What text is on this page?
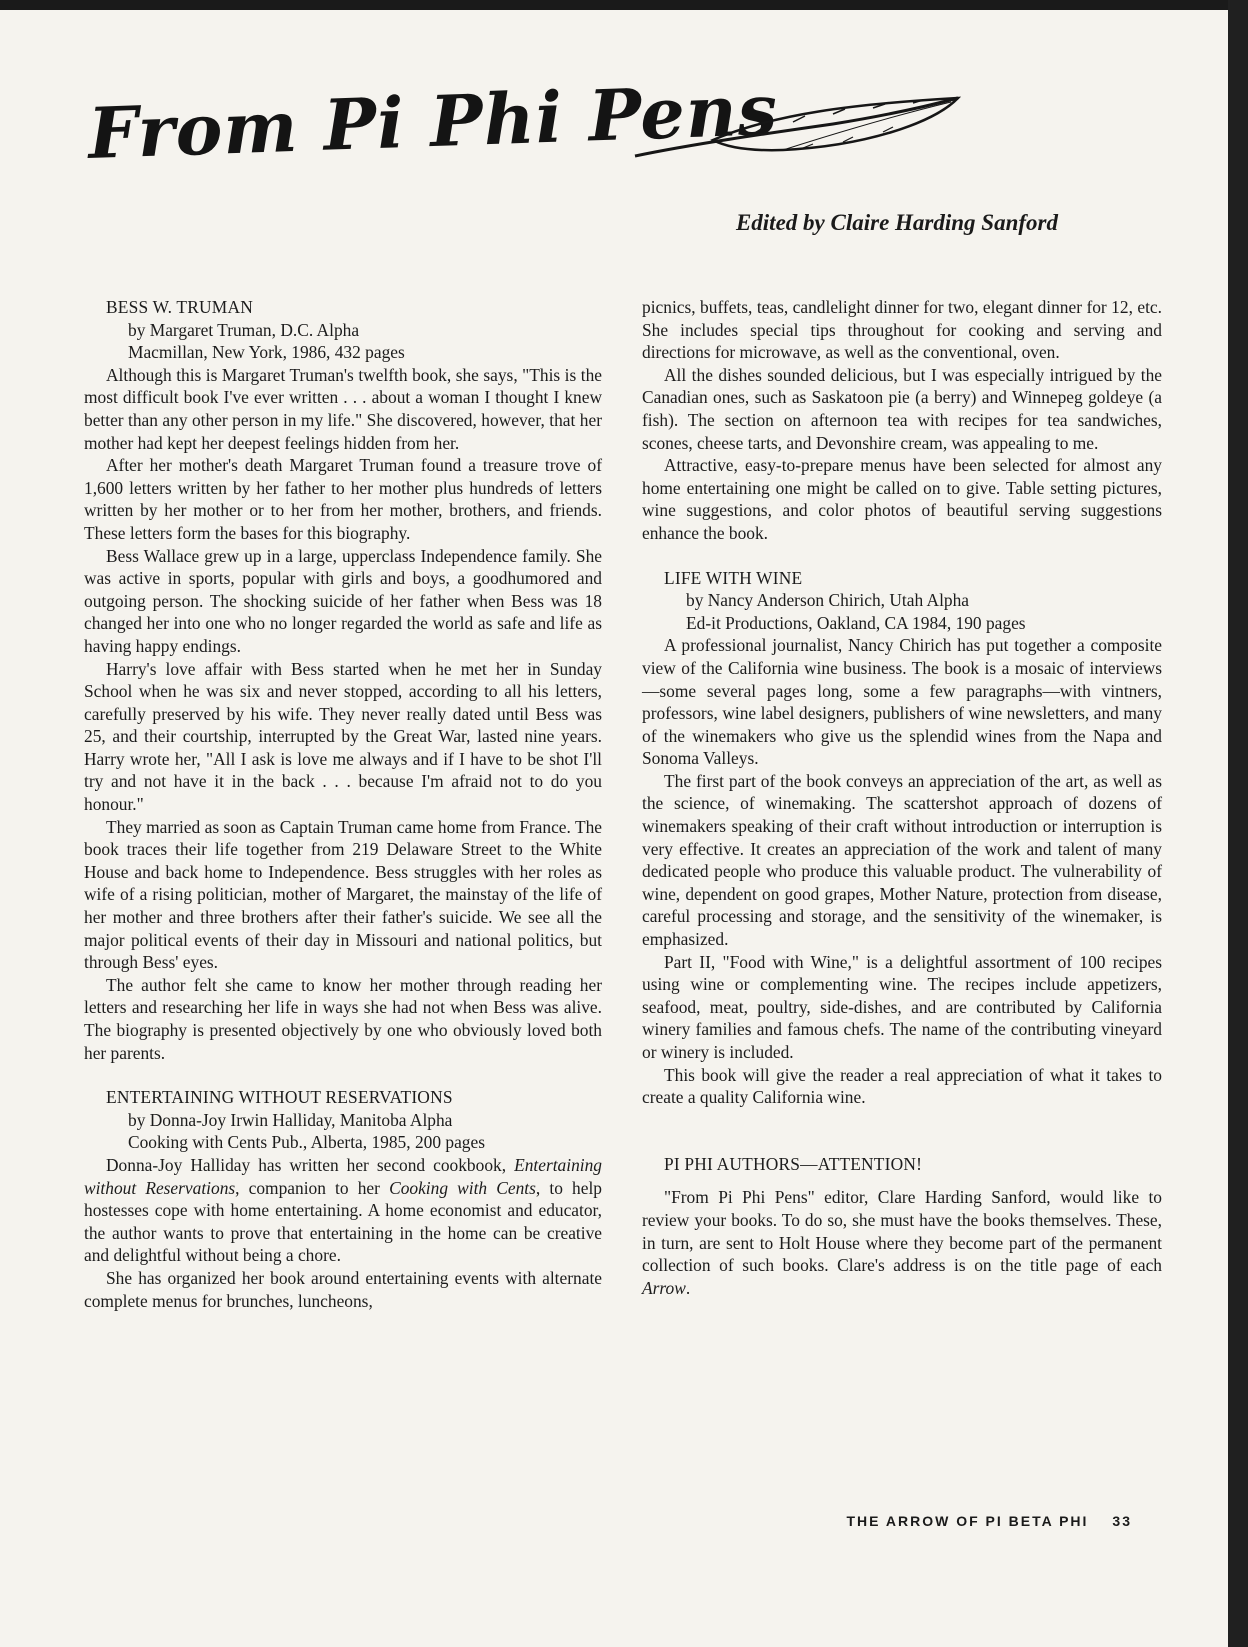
From Pi Phi Pens

Edited by Claire Harding Sanford

BESS W. TRUMAN

by Margaret Truman, D.C. Alpha

Macmillan, New York, 1986, 432 pages

Although this is Margaret Truman's twelfth book, she says, "This is the most difficult book I've ever written . . . about a woman I thought I knew better than any other person in my life." She discovered, however, that her mother had kept her deepest feelings hidden from her.

After her mother's death Margaret Truman found a treasure trove of 1,600 letters written by her father to her mother plus hundreds of letters written by her mother or to her from her mother, brothers, and friends. These letters form the bases for this biography.

Bess Wallace grew up in a large, upperclass Independence family. She was active in sports, popular with girls and boys, a goodhumored and outgoing person. The shocking suicide of her father when Bess was 18 changed her into one who no longer regarded the world as safe and life as having happy endings.

Harry's love affair with Bess started when he met her in Sunday School when he was six and never stopped, according to all his letters, carefully preserved by his wife. They never really dated until Bess was 25, and their courtship, interrupted by the Great War, lasted nine years. Harry wrote her, "All I ask is love me always and if I have to be shot I'll try and not have it in the back . . . because I'm afraid not to do you honour."

They married as soon as Captain Truman came home from France. The book traces their life together from 219 Delaware Street to the White House and back home to Independence. Bess struggles with her roles as wife of a rising politician, mother of Margaret, the mainstay of the life of her mother and three brothers after their father's suicide. We see all the major political events of their day in Missouri and national politics, but through Bess' eyes.

The author felt she came to know her mother through reading her letters and researching her life in ways she had not when Bess was alive. The biography is presented objectively by one who obviously loved both her parents.

ENTERTAINING WITHOUT RESERVATIONS

by Donna-Joy Irwin Halliday, Manitoba Alpha

Cooking with Cents Pub., Alberta, 1985, 200 pages

Donna-Joy Halliday has written her second cookbook, Entertaining without Reservations, companion to her Cooking with Cents, to help hostesses cope with home entertaining. A home economist and educator, the author wants to prove that entertaining in the home can be creative and delightful without being a chore.

She has organized her book around entertaining events with alternate complete menus for brunches, luncheons,

picnics, buffets, teas, candlelight dinner for two, elegant dinner for 12, etc. She includes special tips throughout for cooking and serving and directions for microwave, as well as the conventional, oven.

All the dishes sounded delicious, but I was especially intrigued by the Canadian ones, such as Saskatoon pie (a berry) and Winnepeg goldeye (a fish). The section on afternoon tea with recipes for tea sandwiches, scones, cheese tarts, and Devonshire cream, was appealing to me.

Attractive, easy-to-prepare menus have been selected for almost any home entertaining one might be called on to give. Table setting pictures, wine suggestions, and color photos of beautiful serving suggestions enhance the book.

LIFE WITH WINE

by Nancy Anderson Chirich, Utah Alpha

Ed-it Productions, Oakland, CA 1984, 190 pages

A professional journalist, Nancy Chirich has put together a composite view of the California wine business. The book is a mosaic of interviews—some several pages long, some a few paragraphs—with vintners, professors, wine label designers, publishers of wine newsletters, and many of the winemakers who give us the splendid wines from the Napa and Sonoma Valleys.

The first part of the book conveys an appreciation of the art, as well as the science, of winemaking. The scattershot approach of dozens of winemakers speaking of their craft without introduction or interruption is very effective. It creates an appreciation of the work and talent of many dedicated people who produce this valuable product. The vulnerability of wine, dependent on good grapes, Mother Nature, protection from disease, careful processing and storage, and the sensitivity of the winemaker, is emphasized.

Part II, "Food with Wine," is a delightful assortment of 100 recipes using wine or complementing wine. The recipes include appetizers, seafood, meat, poultry, side-dishes, and are contributed by California winery families and famous chefs. The name of the contributing vineyard or winery is included.

This book will give the reader a real appreciation of what it takes to create a quality California wine.

PI PHI AUTHORS—ATTENTION!

"From Pi Phi Pens" editor, Clare Harding Sanford, would like to review your books. To do so, she must have the books themselves. These, in turn, are sent to Holt House where they become part of the permanent collection of such books. Clare's address is on the title page of each Arrow.

THE ARROW OF PI BETA PHI 33
